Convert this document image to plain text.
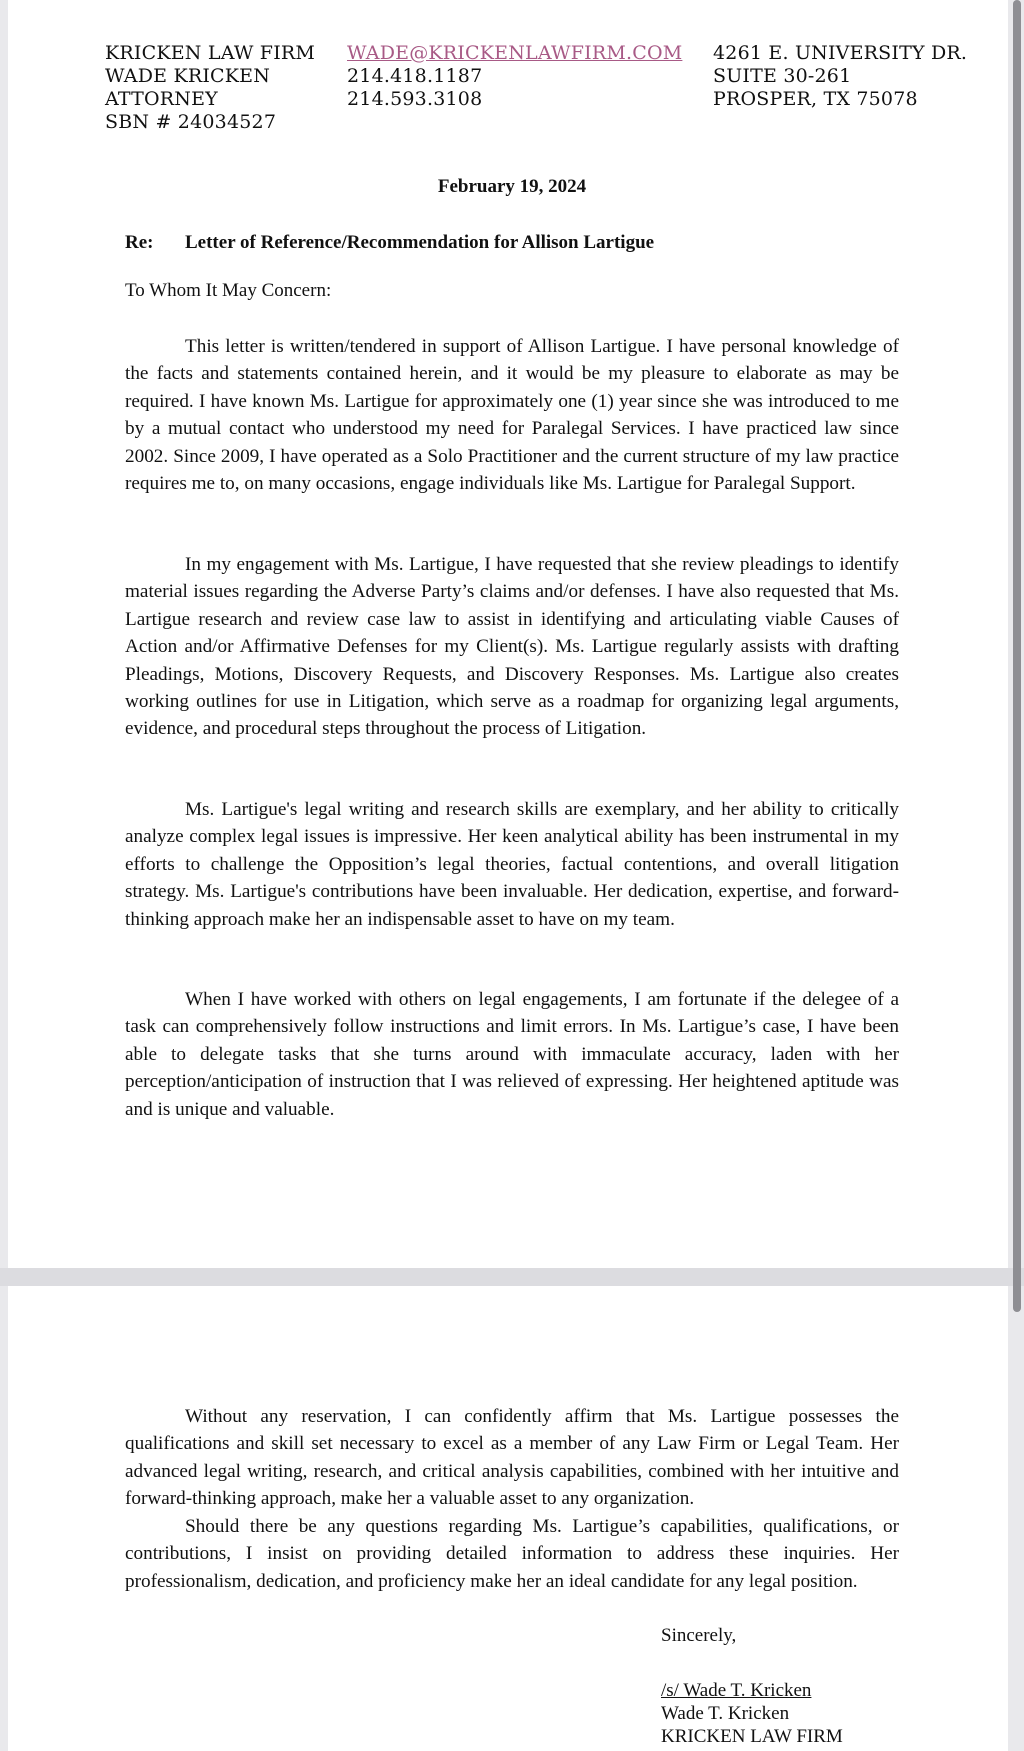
KRICKEN LAW FIRM
WADE KRICKEN
ATTORNEY
SBN # 24034527
WADE@KRICKENLAWFIRM.COM
214.418.1187
214.593.3108
4261 E. UNIVERSITY DR.
SUITE 30-261
PROSPER, TX 75078
February 19, 2024
Re: Letter of Reference/Recommendation for Allison Lartigue
To Whom It May Concern:

This letter is written/tendered in support of Allison Lartigue. I have personal knowledge of the facts and statements contained herein, and it would be my pleasure to elaborate as may be required. I have known Ms. Lartigue for approximately one (1) year since she was introduced to me by a mutual contact who understood my need for Paralegal Services. I have practiced law since 2002. Since 2009, I have operated as a Solo Practitioner and the current structure of my law practice requires me to, on many occasions, engage individuals like Ms. Lartigue for Paralegal Support.

In my engagement with Ms. Lartigue, I have requested that she review pleadings to identify material issues regarding the Adverse Party’s claims and/or defenses. I have also requested that Ms. Lartigue research and review case law to assist in identifying and articulating viable Causes of Action and/or Affirmative Defenses for my Client(s). Ms. Lartigue regularly assists with drafting Pleadings, Motions, Discovery Requests, and Discovery Responses. Ms. Lartigue also creates working outlines for use in Litigation, which serve as a roadmap for organizing legal arguments, evidence, and procedural steps throughout the process of Litigation.

Ms. Lartigue's legal writing and research skills are exemplary, and her ability to critically analyze complex legal issues is impressive. Her keen analytical ability has been instrumental in my efforts to challenge the Opposition’s legal theories, factual contentions, and overall litigation strategy. Ms. Lartigue's contributions have been invaluable. Her dedication, expertise, and forward-thinking approach make her an indispensable asset to have on my team.

When I have worked with others on legal engagements, I am fortunate if the delegee of a task can comprehensively follow instructions and limit errors. In Ms. Lartigue’s case, I have been able to delegate tasks that she turns around with immaculate accuracy, laden with her perception/anticipation of instruction that I was relieved of expressing. Her heightened aptitude was and is unique and valuable.

Without any reservation, I can confidently affirm that Ms. Lartigue possesses the qualifications and skill set necessary to excel as a member of any Law Firm or Legal Team. Her advanced legal writing, research, and critical analysis capabilities, combined with her intuitive and forward-thinking approach, make her a valuable asset to any organization.

Should there be any questions regarding Ms. Lartigue’s capabilities, qualifications, or contributions, I insist on providing detailed information to address these inquiries. Her professionalism, dedication, and proficiency make her an ideal candidate for any legal position.

Sincerely,
/s/ Wade T. Kricken
Wade T. Kricken
KRICKEN LAW FIRM
